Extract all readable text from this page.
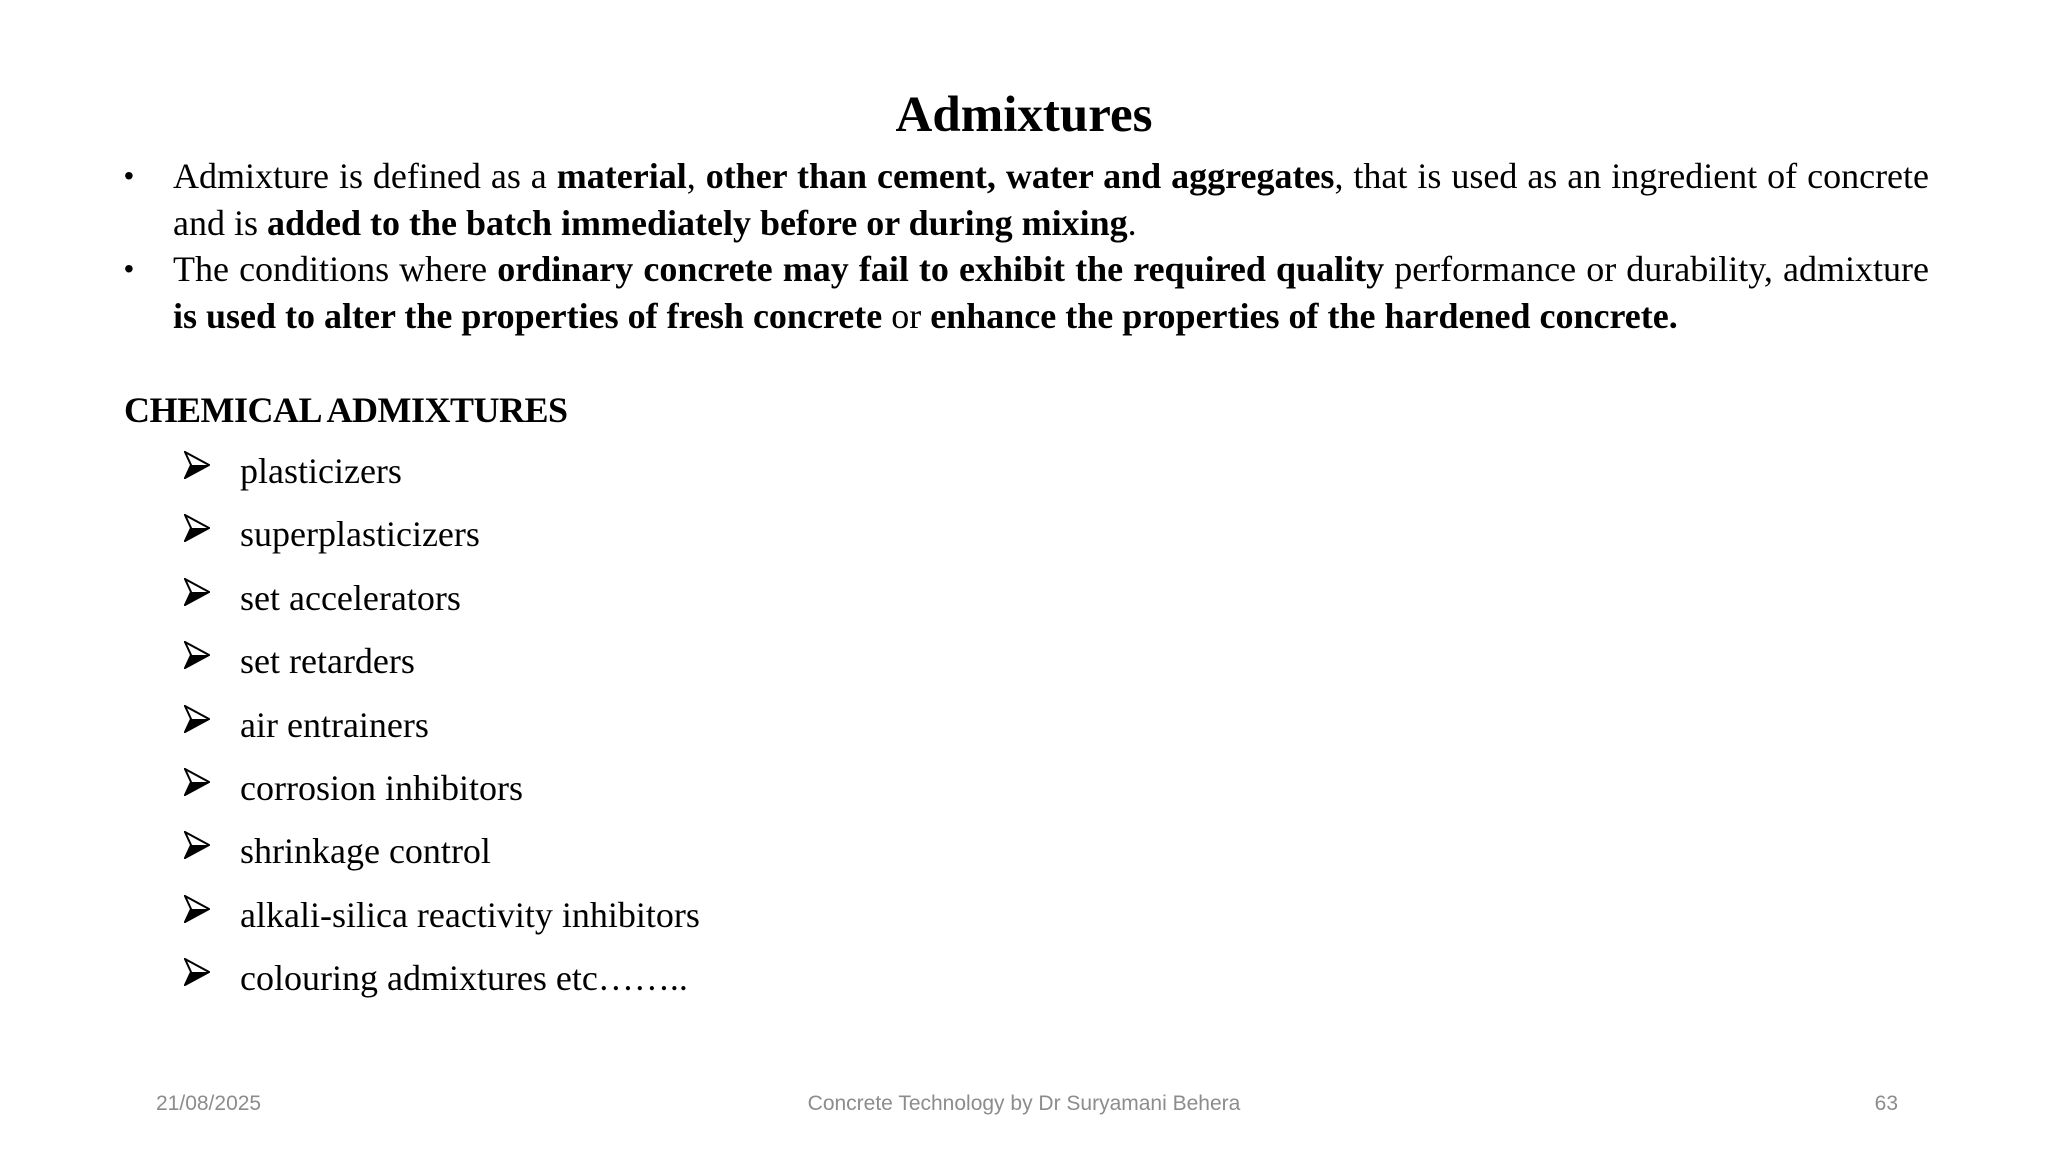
Admixtures
• Admixture is defined as a material, other than cement, water and aggregates, that is used as an ingredient of concrete and is added to the batch immediately before or during mixing.
• The conditions where ordinary concrete may fail to exhibit the required quality performance or durability, admixture is used to alter the properties of fresh concrete or enhance the properties of the hardened concrete.
CHEMICAL ADMIXTURES
plasticizers
superplasticizers
set accelerators
set retarders
air entrainers
corrosion inhibitors
shrinkage control
alkali-silica reactivity inhibitors
colouring admixtures etc……..
21/08/2025	Concrete Technology by Dr Suryamani Behera	63
